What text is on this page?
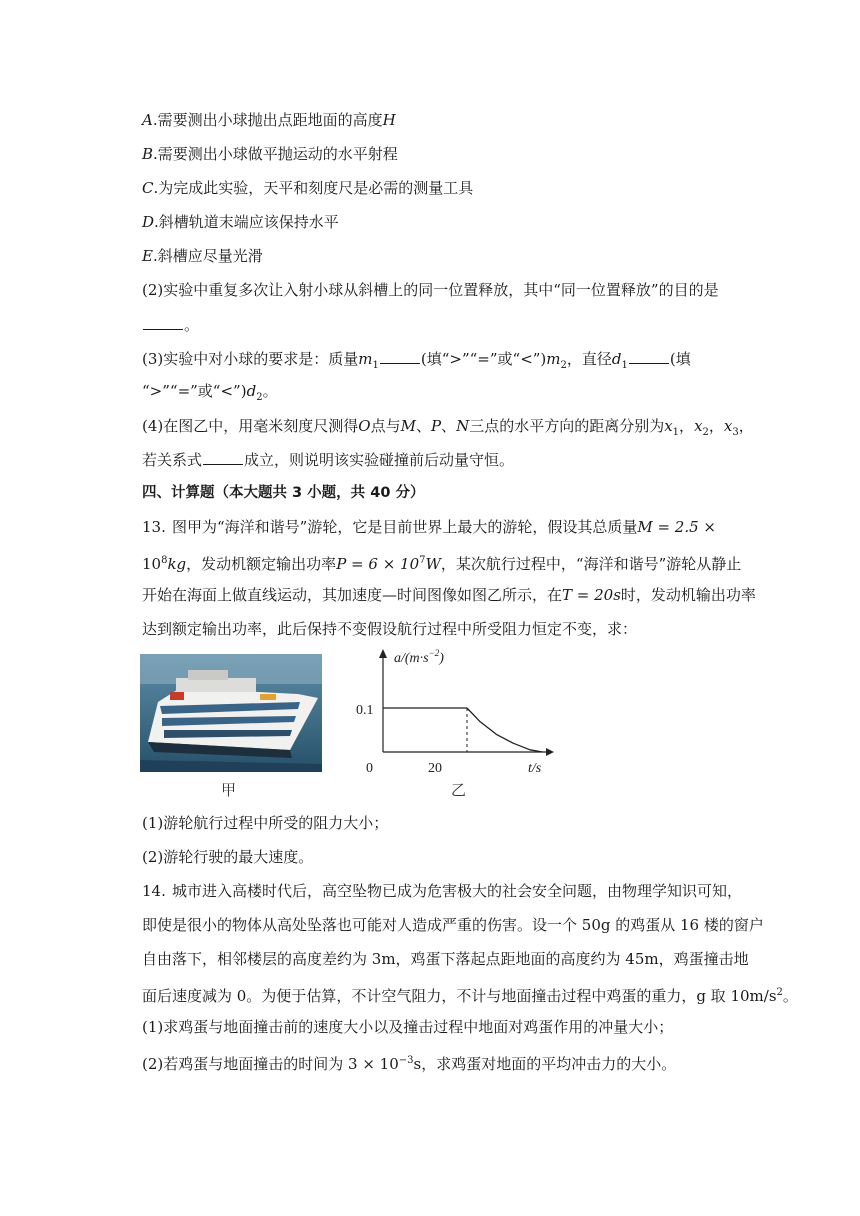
A.需要测出小球抛出点距地面的高度H
B.需要测出小球做平抛运动的水平射程
C.为完成此实验，天平和刻度尺是必需的测量工具
D.斜槽轨道末端应该保持水平
E.斜槽应尽量光滑
(2)实验中重复多次让入射小球从斜槽上的同一位置释放，其中“同一位置释放”的目的是
。
(3)实验中对小球的要求是：质量$m_1$	(填“>”“=”或“$<”)m_2$，直径$d_1$	(填
“>”“=”或“$<”)d_2$。
(4)在图乙中，用毫米刻度尺测得O点与M、P、N三点的水平方向的距离分别为$x_1$，$x_2$，$x_3$，
若关系式	成立，则说明该实验碰撞前后动量守恒。
四、计算题（本大题共 3 小题，共 40 分）
13. 图甲为“海洋和谐号”游轮，它是目前世界上最大的游轮，假设其总质量M = 2.5 ×
$10^8kg$，发动机额定输出功率$P = 6 \times 10^7W$，某次航行过程中，“海洋和谐号”游轮从静止
开始在海面上做直线运动，其加速度—时间图像如图乙所示，在T = 20s时，发动机输出功率
达到额定输出功率，此后保持不变假设航行过程中所受阻力恒定不变，求：
甲
$a/(m\cdot s^{-2})$
0.1
0	20	t/s
乙
(1)游轮航行过程中所受的阻力大小；
(2)游轮行驶的最大速度。
14. 城市进入高楼时代后，高空坠物已成为危害极大的社会安全问题，由物理学知识可知，
即使是很小的物体从高处坠落也可能对人造成严重的伤害。设一个 50g 的鸡蛋从 16 楼的窗户
自由落下，相邻楼层的高度差约为 3m，鸡蛋下落起点距地面的高度约为 45m，鸡蛋撞击地
面后速度减为 0。为便于估算，不计空气阻力，不计与地面撞击过程中鸡蛋的重力，g 取 $10m/s^2$。
(1)求鸡蛋与地面撞击前的速度大小以及撞击过程中地面对鸡蛋作用的冲量大小；
(2)若鸡蛋与地面撞击的时间为 $3 \times 10^{-3}s$，求鸡蛋对地面的平均冲击力的大小。
